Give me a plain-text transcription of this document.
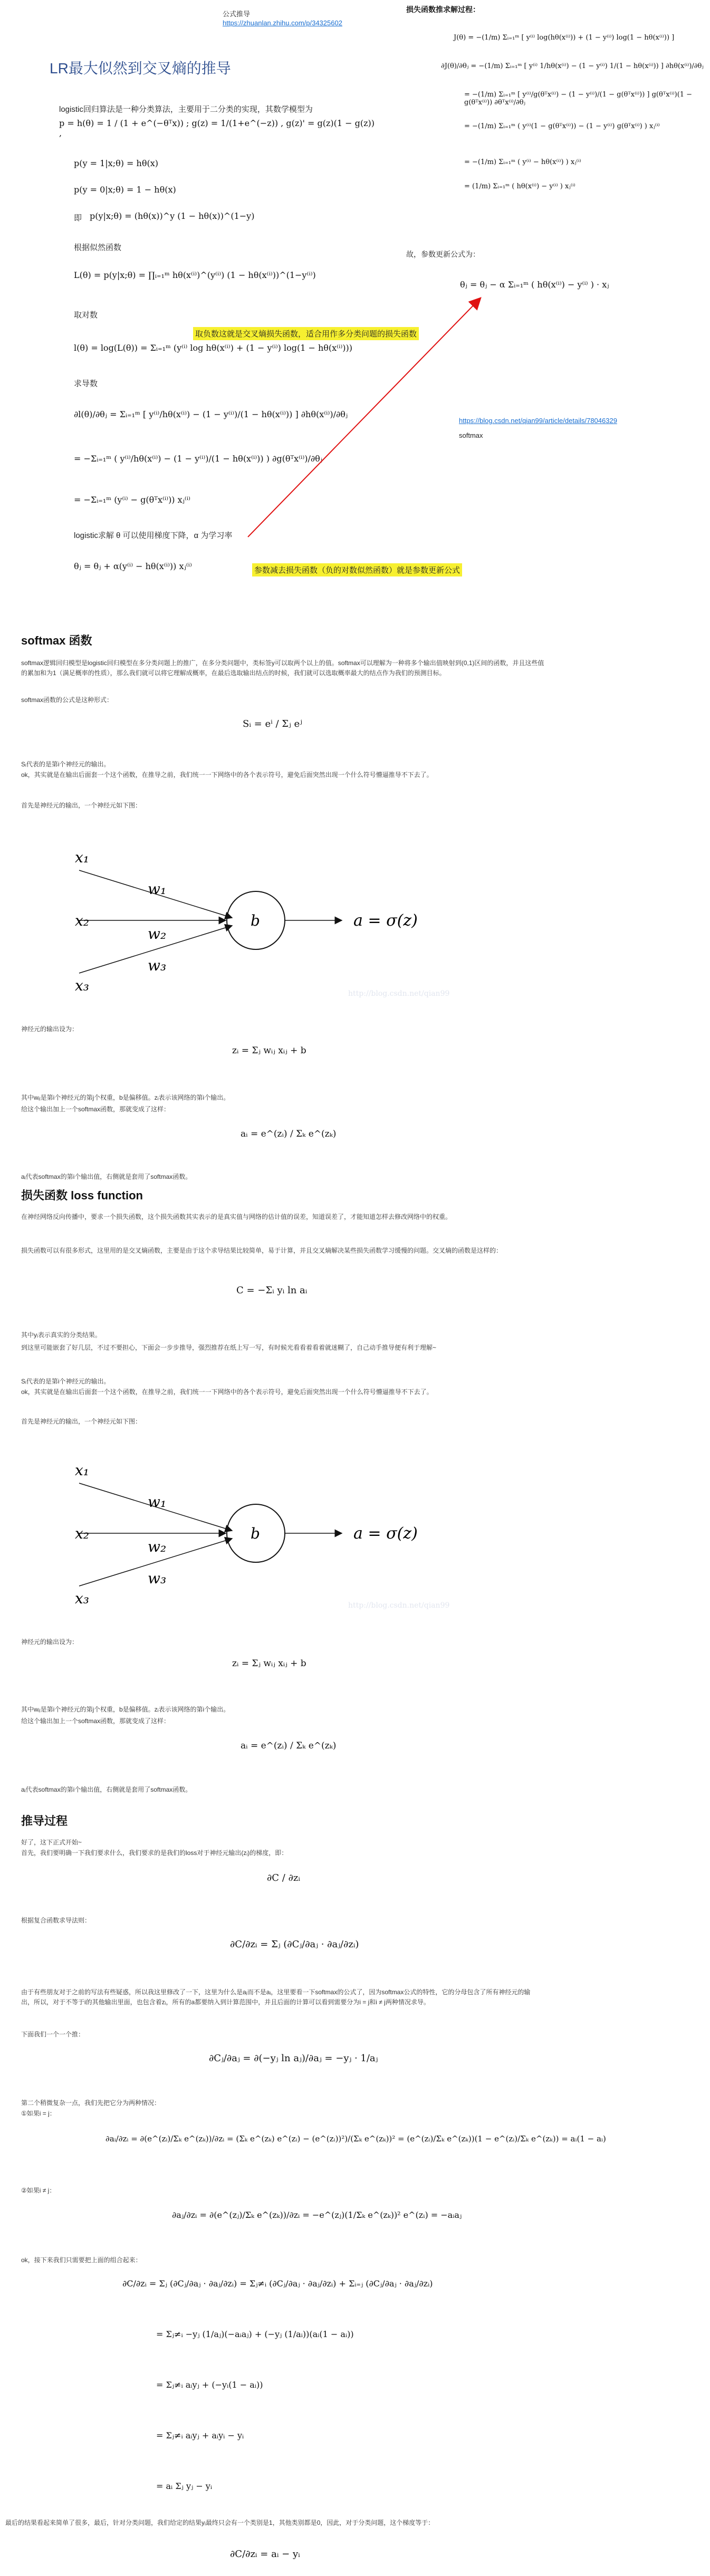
公式推导
https://zhuanlan.zhihu.com/p/34325602
LR最大似然到交叉熵的推导
损失函数推求解过程：
logistic回归算法是一种分类算法，主要用于二分类的实现，其数学模型为
p = h(θ) = 1 / (1 + e^(−θᵀx)) ; g(z) = 1/(1+e^(−z)) , g(z)' = g(z)(1 − g(z)) ,
p(y = 1|x;θ) = hθ(x)
p(y = 0|x;θ) = 1 − hθ(x)
即 p(y|x;θ) = (hθ(x))^y (1 − hθ(x))^(1−y)
根据似然函数
L(θ) = p(y|x;θ) = ∏ᵢ₌₁ᵐ hθ(x⁽ⁱ⁾)^(y⁽ⁱ⁾) (1 − hθ(x⁽ⁱ⁾))^(1−y⁽ⁱ⁾)
取对数
取负数这就是交叉熵损失函数，适合用作多分类问题的损失函数
l(θ) = log(L(θ)) = Σᵢ₌₁ᵐ (y⁽ⁱ⁾ log hθ(x⁽ⁱ⁾) + (1 − y⁽ⁱ⁾) log(1 − hθ(x⁽ⁱ⁾)))
求导数
∂l(θ)/∂θⱼ = Σᵢ₌₁ᵐ [ y⁽ⁱ⁾/hθ(x⁽ⁱ⁾) − (1 − y⁽ⁱ⁾)/(1 − hθ(x⁽ⁱ⁾)) ] ∂hθ(x⁽ⁱ⁾)/∂θⱼ
= −Σᵢ₌₁ᵐ ( y⁽ⁱ⁾/hθ(x⁽ⁱ⁾) − (1 − y⁽ⁱ⁾)/(1 − hθ(x⁽ⁱ⁾)) ) ∂g(θᵀx⁽ⁱ⁾)/∂θⱼ
= −Σᵢ₌₁ᵐ (y⁽ⁱ⁾ − g(θᵀx⁽ⁱ⁾)) xⱼ⁽ⁱ⁾
logistic求解 θ 可以使用梯度下降，α 为学习率
θⱼ = θⱼ + α(y⁽ⁱ⁾ − hθ(x⁽ⁱ⁾)) xⱼ⁽ⁱ⁾	参数减去损失函数（负的对数似然函数）就是参数更新公式
J(θ) = −(1/m) Σᵢ₌₁ᵐ [ y⁽ⁱ⁾ log(hθ(x⁽ⁱ⁾)) + (1 − y⁽ⁱ⁾) log(1 − hθ(x⁽ⁱ⁾)) ]
∂J(θ)/∂θⱼ = −(1/m) Σᵢ₌₁ᵐ [ y⁽ⁱ⁾ 1/hθ(x⁽ⁱ⁾) − (1 − y⁽ⁱ⁾) 1/(1 − hθ(x⁽ⁱ⁾)) ] ∂hθ(x⁽ⁱ⁾)/∂θⱼ
= −(1/m) Σᵢ₌₁ᵐ [ y⁽ⁱ⁾/g(θᵀx⁽ⁱ⁾) − (1 − y⁽ⁱ⁾)/(1 − g(θᵀx⁽ⁱ⁾)) ] g(θᵀx⁽ⁱ⁾)(1 − g(θᵀx⁽ⁱ⁾)) ∂θᵀx⁽ⁱ⁾/∂θⱼ
= −(1/m) Σᵢ₌₁ᵐ ( y⁽ⁱ⁾(1 − g(θᵀx⁽ⁱ⁾)) − (1 − y⁽ⁱ⁾) g(θᵀx⁽ⁱ⁾) ) xⱼ⁽ⁱ⁾
= −(1/m) Σᵢ₌₁ᵐ ( y⁽ⁱ⁾ − hθ(x⁽ⁱ⁾) ) xⱼ⁽ⁱ⁾
= (1/m) Σᵢ₌₁ᵐ ( hθ(x⁽ⁱ⁾) − y⁽ⁱ⁾ ) xⱼ⁽ⁱ⁾
故，参数更新公式为：
θⱼ = θⱼ − α Σᵢ₌₁ᵐ ( hθ(x⁽ⁱ⁾) − y⁽ⁱ⁾ ) · xⱼ
https://blog.csdn.net/qian99/article/details/78046329
softmax
softmax 函数
softmax逻辑回归模型是logistic回归模型在多分类问题上的推广，在多分类问题中，类标签y可以取两个以上的值。softmax可以理解为一种将多个输出值映射到(0,1)区间的函数，并且这些值的累加和为1（满足概率的性质），那么我们就可以将它理解成概率，在最后选取输出结点的时候，我们就可以选取概率最大的结点作为我们的预测目标。
softmax函数的公式是这种形式：
Sᵢ = eⁱ / Σⱼ eʲ
Sᵢ代表的是第i个神经元的输出。
ok，其实就是在输出后面套一个这个函数，在推导之前，我们统一一下网络中的各个表示符号，避免后面突然出现一个什么符号懵逼推导不下去了。
首先是神经元的输出，一个神经元如下图：
x₁
x₂
x₃
w₁
w₂
w₃
b	a = σ(z)
http://blog.csdn.net/qian99
神经元的输出设为：
zᵢ = Σⱼ wᵢⱼ xᵢⱼ + b
其中wᵢⱼ是第i个神经元的第j个权重，b是偏移值。zᵢ表示该网络的第i个输出。
给这个输出加上一个softmax函数，那就变成了这样：
aᵢ = e^(zᵢ) / Σₖ e^(zₖ)
aᵢ代表softmax的第i个输出值，右侧就是套用了softmax函数。
损失函数 loss function
在神经网络反向传播中，要求一个损失函数，这个损失函数其实表示的是真实值与网络的估计值的误差，知道误差了，才能知道怎样去修改网络中的权重。
损失函数可以有很多形式，这里用的是交叉熵函数，主要是由于这个求导结果比较简单，易于计算，并且交叉熵解决某些损失函数学习缓慢的问题。交叉熵的函数是这样的：
C = −Σᵢ yᵢ ln aᵢ
其中yᵢ表示真实的分类结果。
到这里可能嵌套了好几层，不过不要担心，下面会一步步推导，强烈推荐在纸上写一写，有时候光看看着看着就迷糊了，自己动手推导便有利于理解~
Sᵢ代表的是第i个神经元的输出。
ok，其实就是在输出后面套一个这个函数，在推导之前，我们统一一下网络中的各个表示符号，避免后面突然出现一个什么符号懵逼推导不下去了。
首先是神经元的输出，一个神经元如下图：
x₁
x₂
x₃
w₁
w₂
w₃
b	a = σ(z)
http://blog.csdn.net/qian99
神经元的输出设为：
zᵢ = Σⱼ wᵢⱼ xᵢⱼ + b
其中wᵢⱼ是第i个神经元的第j个权重，b是偏移值。zᵢ表示该网络的第i个输出。
给这个输出加上一个softmax函数，那就变成了这样：
aᵢ = e^(zᵢ) / Σₖ e^(zₖ)
aᵢ代表softmax的第i个输出值，右侧就是套用了softmax函数。
推导过程
好了，这下正式开始~
首先，我们要明确一下我们要求什么，我们要求的是我们的loss对于神经元输出(zᵢ)的梯度，即：
∂C / ∂zᵢ
根据复合函数求导法则：
∂C/∂zᵢ = Σⱼ (∂Cⱼ/∂aⱼ · ∂aⱼ/∂zᵢ)
由于有些朋友对于之前的写法有些疑惑，所以我这里修改了一下，这里为什么是aⱼ而不是aᵢ，这里要看一下softmax的公式了，因为softmax公式的特性，它的分母包含了所有神经元的输出，所以，对于不等于i的其他输出里面，也包含着zᵢ，所有的a都要纳入到计算范围中，并且后面的计算可以看到需要分为i = j和i ≠ j两种情况求导。
下面我们一个一个推：
∂Cⱼ/∂aⱼ = ∂(−yⱼ ln aⱼ)/∂aⱼ = −yⱼ · 1/aⱼ
第二个稍微复杂一点，我们先把它分为两种情况：
①如果i = j：
∂aᵢ/∂zᵢ = ∂(e^(zᵢ)/Σₖ e^(zₖ))/∂zᵢ = (Σₖ e^(zₖ) e^(zᵢ) − (e^(zᵢ))²)/(Σₖ e^(zₖ))² = (e^(zᵢ)/Σₖ e^(zₖ))(1 − e^(zᵢ)/Σₖ e^(zₖ)) = aᵢ(1 − aᵢ)
②如果i ≠ j：
∂aⱼ/∂zᵢ = ∂(e^(zⱼ)/Σₖ e^(zₖ))/∂zᵢ = −e^(zⱼ)(1/Σₖ e^(zₖ))² e^(zᵢ) = −aᵢaⱼ
ok，接下来我们只需要把上面的组合起来：
∂C/∂zᵢ = Σⱼ (∂Cⱼ/∂aⱼ · ∂aⱼ/∂zᵢ) = Σⱼ≠ᵢ (∂Cⱼ/∂aⱼ · ∂aⱼ/∂zᵢ) + Σᵢ₌ⱼ (∂Cⱼ/∂aⱼ · ∂aⱼ/∂zᵢ)
= Σⱼ≠ᵢ −yⱼ (1/aⱼ)(−aᵢaⱼ) + (−yⱼ (1/aᵢ))(aᵢ(1 − aᵢ))
= Σⱼ≠ᵢ aᵢyⱼ + (−yᵢ(1 − aᵢ))
= Σⱼ≠ᵢ aᵢyⱼ + aᵢyᵢ − yᵢ
= aᵢ Σⱼ yⱼ − yᵢ
最后的结果看起来简单了很多，最后，针对分类问题，我们给定的结果yᵢ最终只会有一个类别是1，其他类别都是0，因此，对于分类问题，这个梯度等于：
∂C/∂zᵢ = aᵢ − yᵢ
